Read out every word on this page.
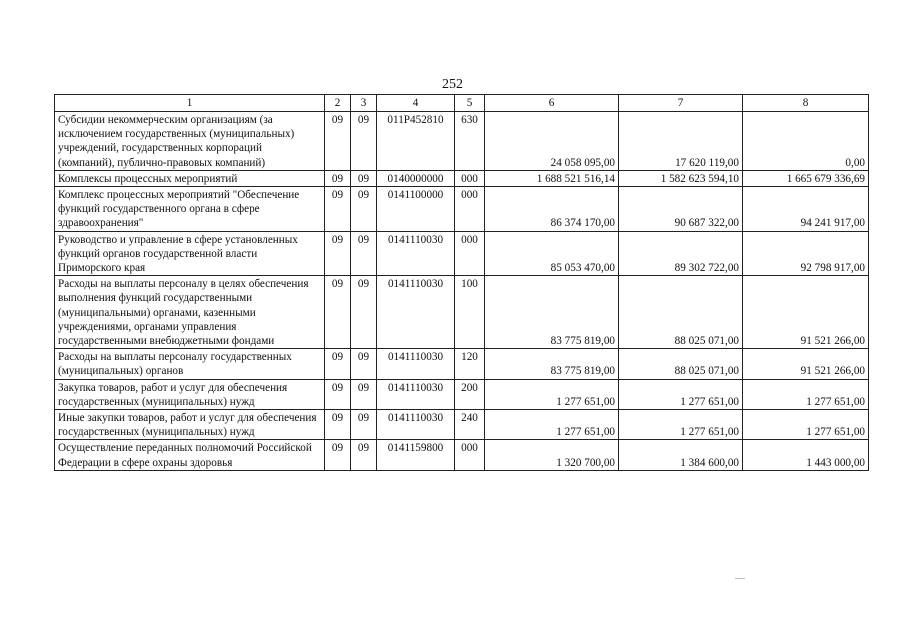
252
1	2	3	4	5	6	7	8
Субсидии некоммерческим организациям (за исключением государственных (муниципальных) учреждений, государственных корпораций (компаний), публично-правовых компаний)	09	09	011Р452810	630	24 058 095,00	17 620 119,00	0,00
Комплексы процессных мероприятий	09	09	0140000000	000	1 688 521 516,14	1 582 623 594,10	1 665 679 336,69
Комплекс процессных мероприятий "Обеспечение функций государственного органа в сфере здравоохранения"	09	09	0141100000	000	86 374 170,00	90 687 322,00	94 241 917,00
Руководство и управление в сфере установленных функций органов государственной власти Приморского края	09	09	0141110030	000	85 053 470,00	89 302 722,00	92 798 917,00
Расходы на выплаты персоналу в целях обеспечения выполнения функций государственными (муниципальными) органами, казенными учреждениями, органами управления государственными внебюджетными фондами	09	09	0141110030	100	83 775 819,00	88 025 071,00	91 521 266,00
Расходы на выплаты персоналу государственных (муниципальных) органов	09	09	0141110030	120	83 775 819,00	88 025 071,00	91 521 266,00
Закупка товаров, работ и услуг для обеспечения государственных (муниципальных) нужд	09	09	0141110030	200	1 277 651,00	1 277 651,00	1 277 651,00
Иные закупки товаров, работ и услуг для обеспечения государственных (муниципальных) нужд	09	09	0141110030	240	1 277 651,00	1 277 651,00	1 277 651,00
Осуществление переданных полномочий Российской Федерации в сфере охраны здоровья	09	09	0141159800	000	1 320 700,00	1 384 600,00	1 443 000,00
